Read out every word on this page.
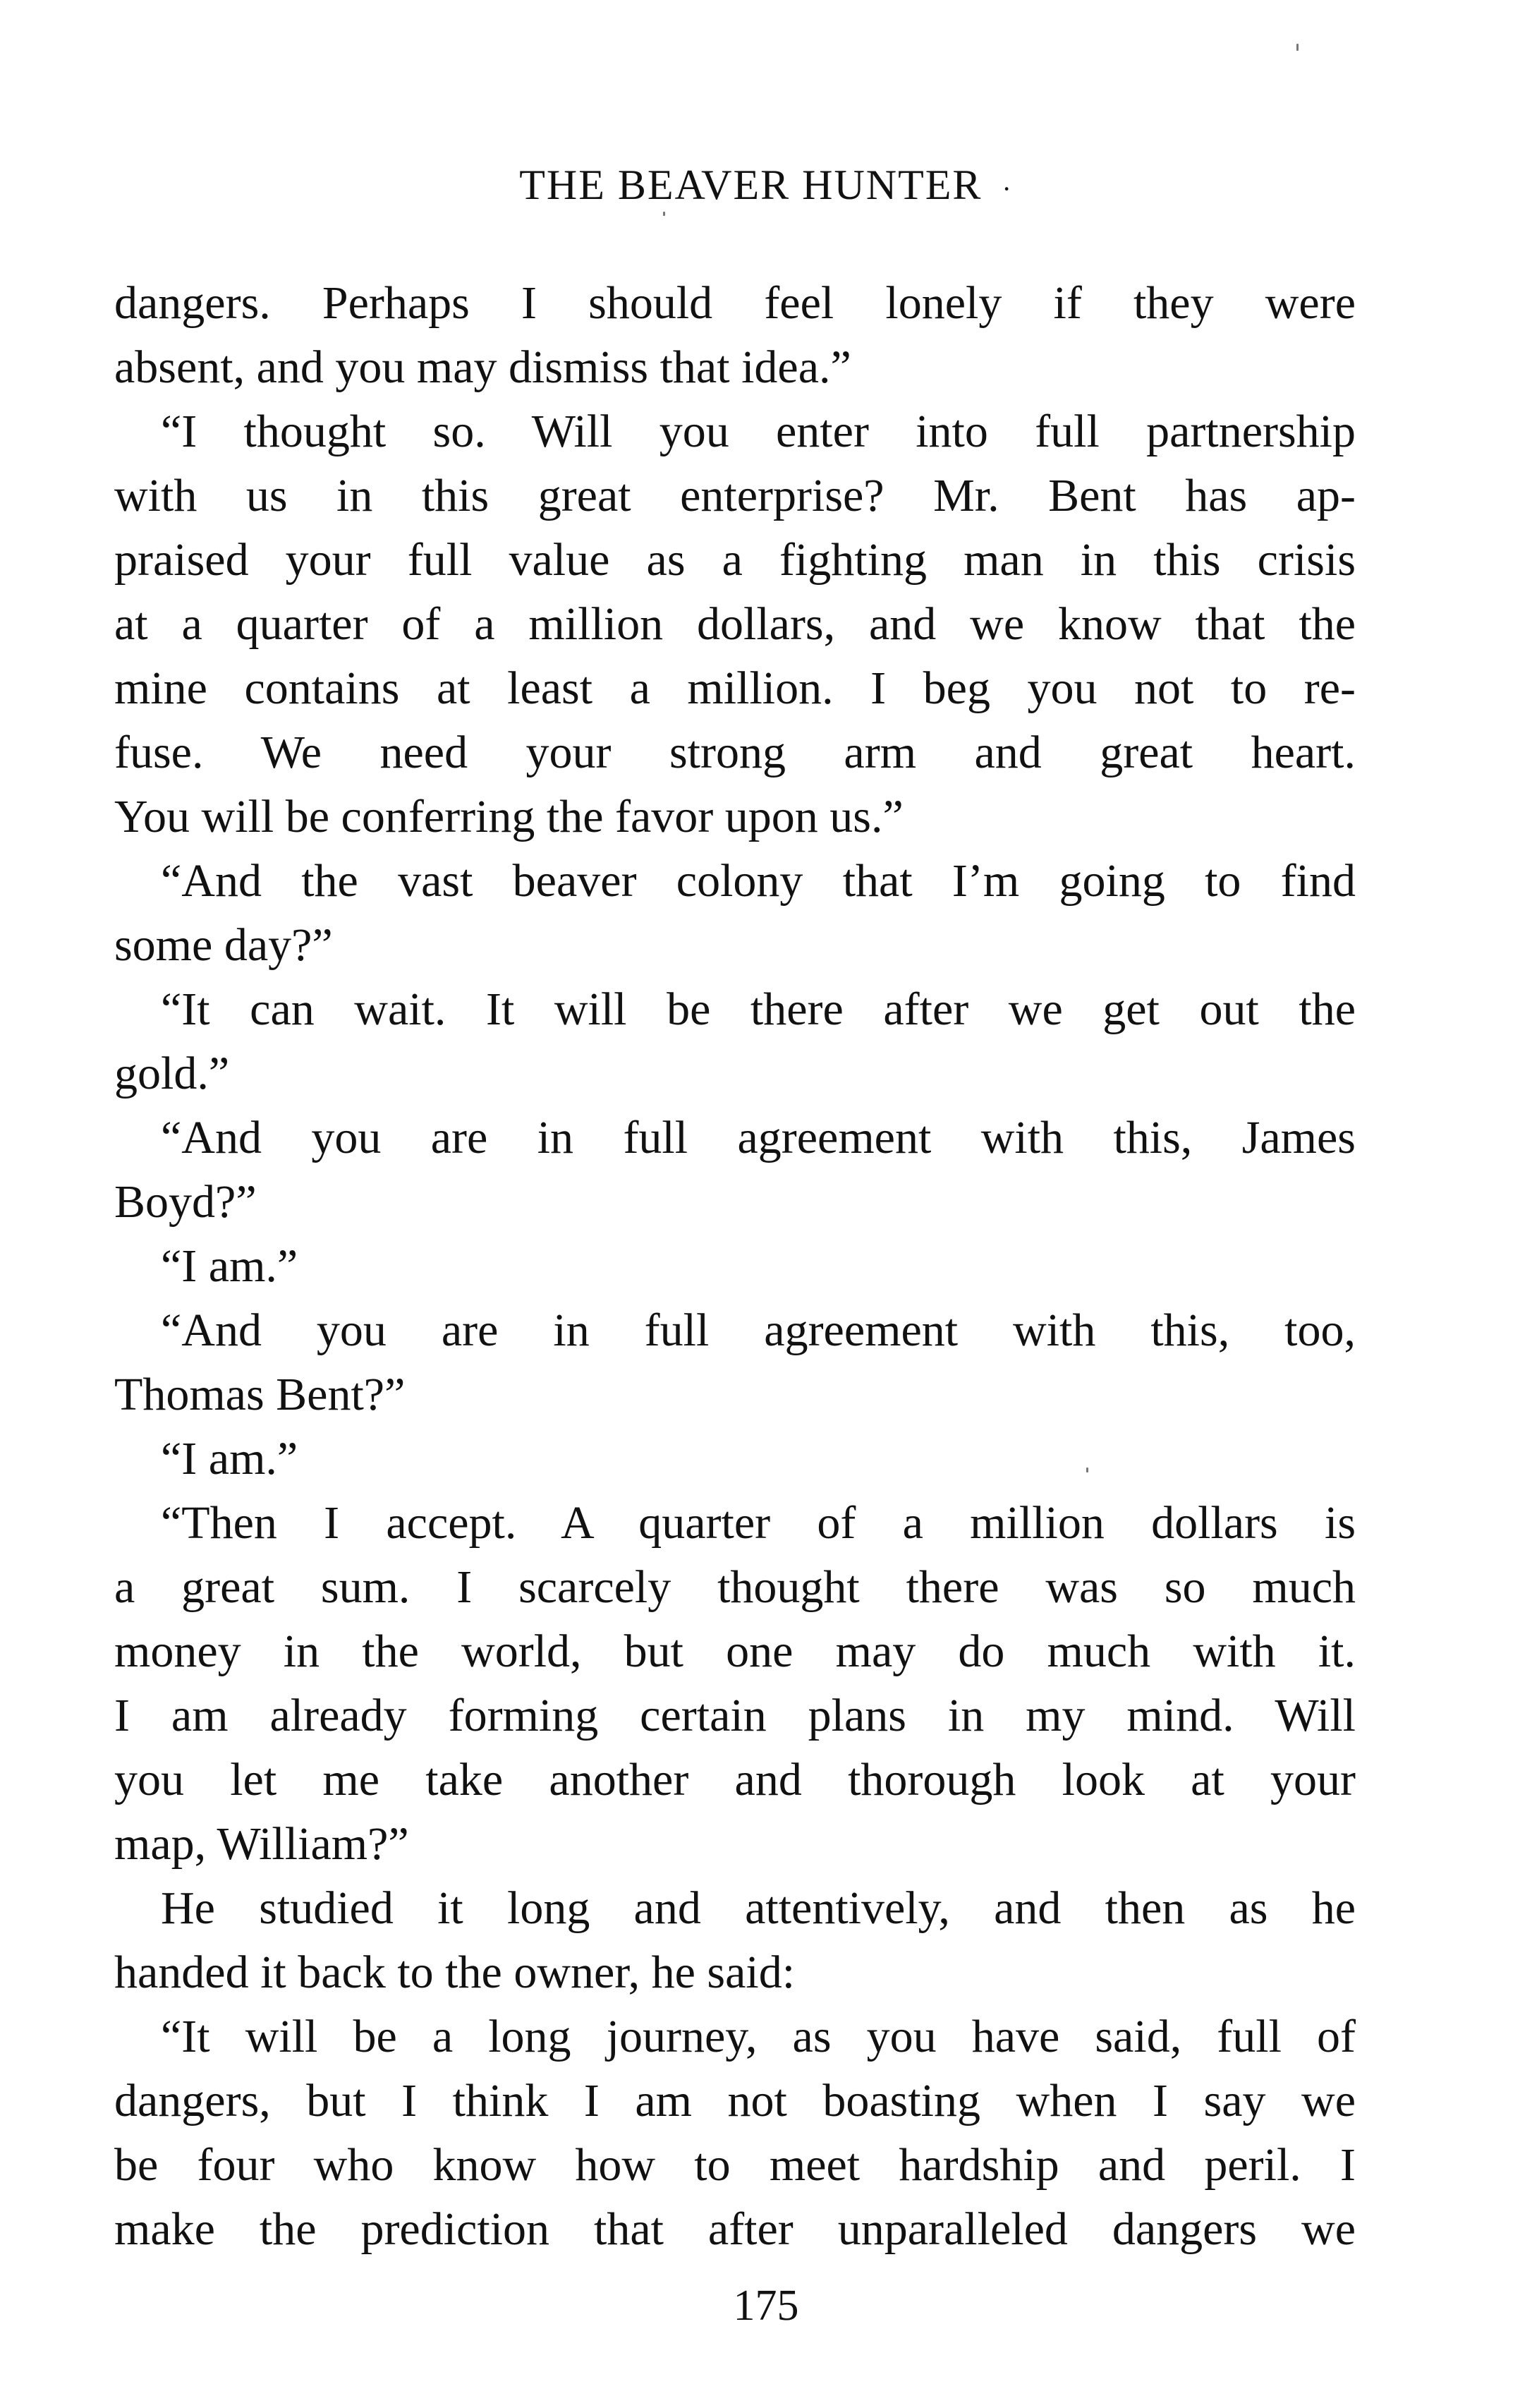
THE BEAVER HUNTER ·
dangers. Perhaps I should feel lonely if they were
absent, and you may dismiss that idea.”
“I thought so. Will you enter into full partnership
with us in this great enterprise? Mr. Bent has ap-
praised your full value as a fighting man in this crisis
at a quarter of a million dollars, and we know that the
mine contains at least a million. I beg you not to re-
fuse. We need your strong arm and great heart.
You will be conferring the favor upon us.”
“And the vast beaver colony that I’m going to find
some day?”
“It can wait. It will be there after we get out the
gold.”
“And you are in full agreement with this, James
Boyd?”
“I am.”
“And you are in full agreement with this, too,
Thomas Bent?”
“I am.”
“Then I accept. A quarter of a million dollars is
a great sum. I scarcely thought there was so much
money in the world, but one may do much with it.
I am already forming certain plans in my mind. Will
you let me take another and thorough look at your
map, William?”
He studied it long and attentively, and then as he
handed it back to the owner, he said:
“It will be a long journey, as you have said, full of
dangers, but I think I am not boasting when I say we
be four who know how to meet hardship and peril. I
make the prediction that after unparalleled dangers we
175
